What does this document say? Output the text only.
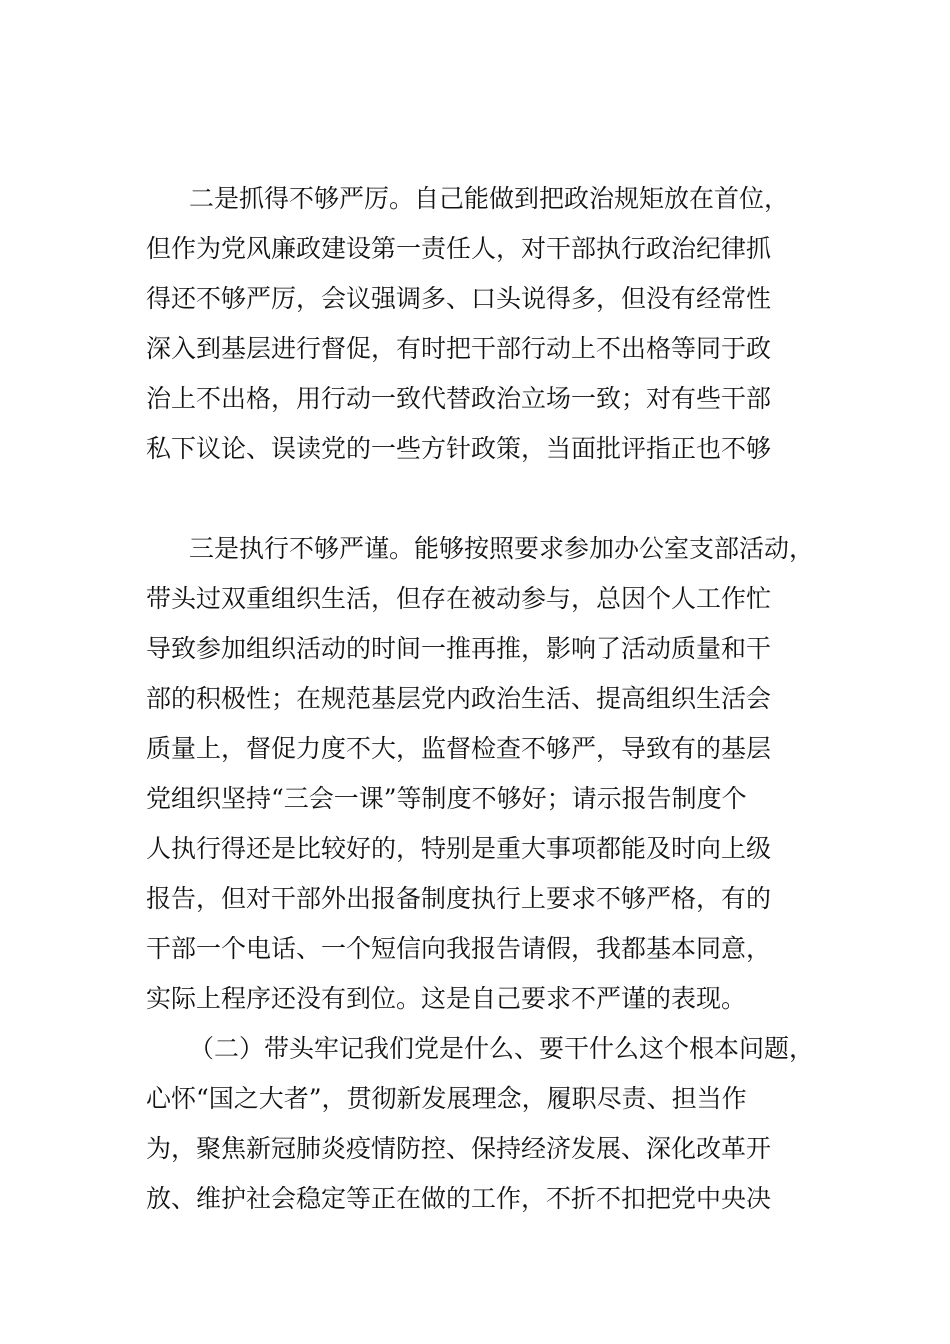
二是抓得不够严厉。自己能做到把政治规矩放在首位，
但作为党风廉政建设第一责任人，对干部执行政治纪律抓
得还不够严厉，会议强调多、口头说得多，但没有经常性
深入到基层进行督促，有时把干部行动上不出格等同于政
治上不出格，用行动一致代替政治立场一致；对有些干部
私下议论、误读党的一些方针政策，当面批评指正也不够
三是执行不够严谨。能够按照要求参加办公室支部活动，
带头过双重组织生活，但存在被动参与，总因个人工作忙
导致参加组织活动的时间一推再推，影响了活动质量和干
部的积极性；在规范基层党内政治生活、提高组织生活会
质量上，督促力度不大，监督检查不够严，导致有的基层
党组织坚持“三会一课”等制度不够好；请示报告制度个
人执行得还是比较好的，特别是重大事项都能及时向上级
报告，但对干部外出报备制度执行上要求不够严格，有的
干部一个电话、一个短信向我报告请假，我都基本同意，
实际上程序还没有到位。这是自己要求不严谨的表现。
（二）带头牢记我们党是什么、要干什么这个根本问题，
心怀“国之大者”，贯彻新发展理念，履职尽责、担当作
为，聚焦新冠肺炎疫情防控、保持经济发展、深化改革开
放、维护社会稳定等正在做的工作，不折不扣把党中央决
